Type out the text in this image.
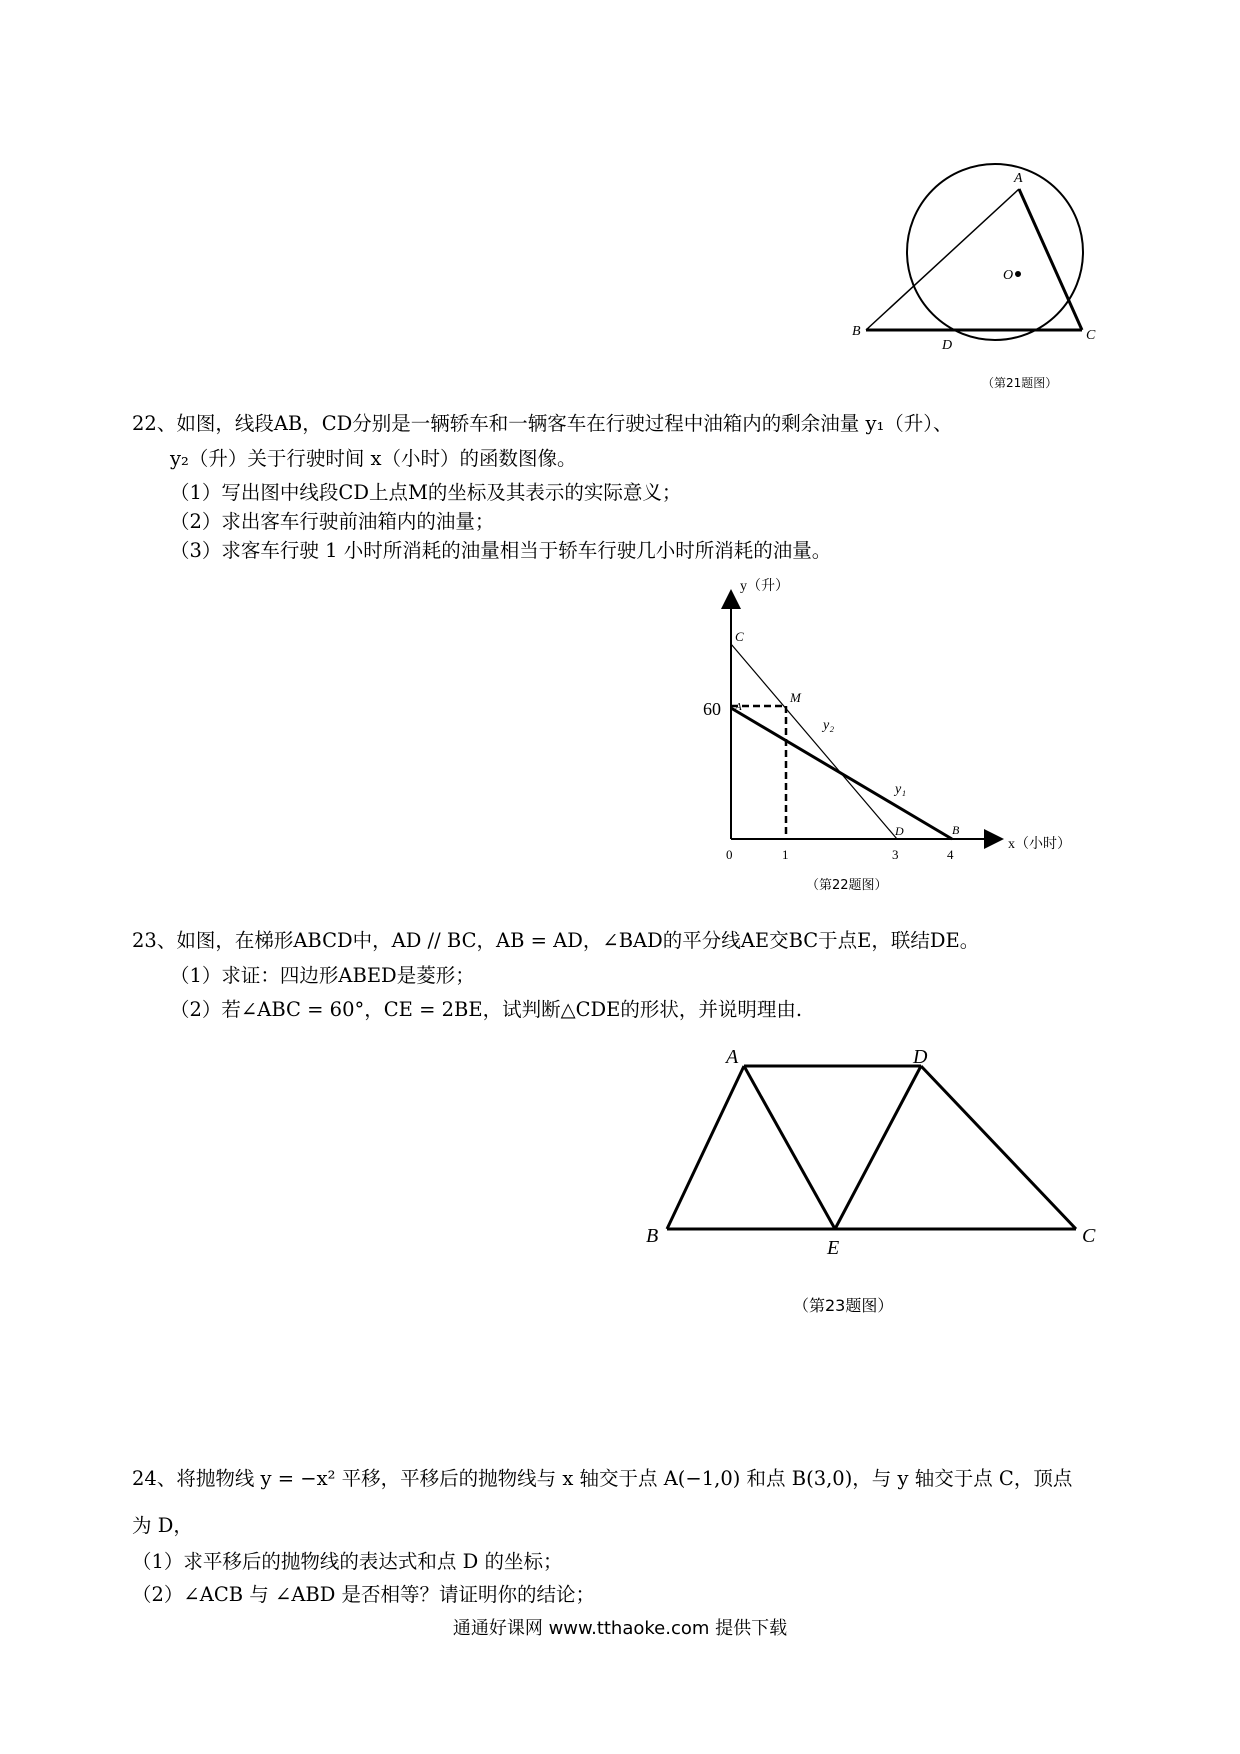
A
O
B
D
C
（第21题图）
22、如图，线段AB，CD分别是一辆轿车和一辆客车在行驶过程中油箱内的剩余油量 y₁（升）、
y₂（升）关于行驶时间 x（小时）的函数图像。
（1）写出图中线段CD上点M的坐标及其表示的实际意义；
（2）求出客车行驶前油箱内的油量；
（3）求客车行驶 1 小时所消耗的油量相当于轿车行驶几小时所消耗的油量。
y（升）
x（小时）
60
0	1	3	4
C
A
M
y₂
y₁
D	B
（第22题图）
23、如图，在梯形ABCD中，AD // BC，AB = AD，∠BAD的平分线AE交BC于点E，联结DE。
（1）求证：四边形ABED是菱形；
（2）若∠ABC = 60°，CE = 2BE，试判断△CDE的形状，并说明理由.
A	D
B
E
C
（第23题图）
24、将抛物线 y = −x² 平移，平移后的抛物线与 x 轴交于点 A(−1,0) 和点 B(3,0)，与 y 轴交于点 C，顶点
为 D，
（1）求平移后的抛物线的表达式和点 D 的坐标；
（2）∠ACB 与 ∠ABD 是否相等？请证明你的结论；
通通好课网 www.tthaoke.com 提供下载
